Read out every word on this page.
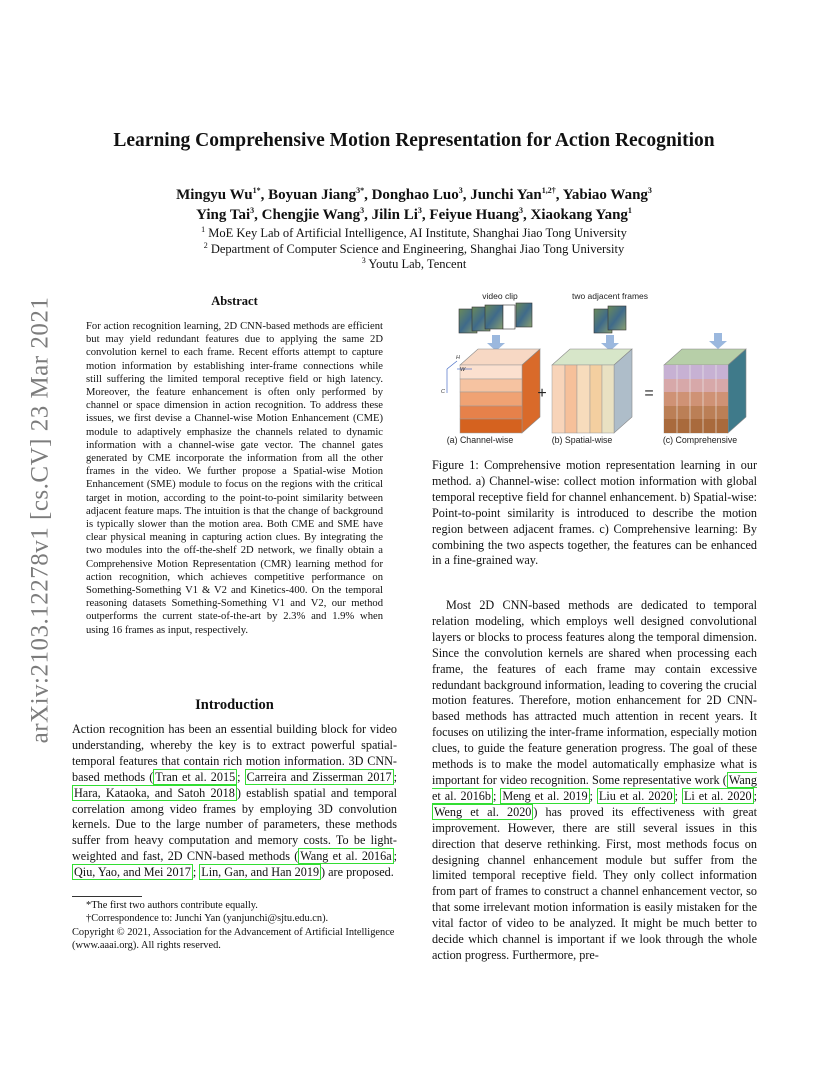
arXiv:2103.12278v1 [cs.CV] 23 Mar 2021
Learning Comprehensive Motion Representation for Action Recognition
Mingyu $Wu^{1*}$, Boyuan Jiang$^{3*}$, Donghao Luo$^3$, Junchi Yan$^{1,2\dagger}$, Yabiao Wang$^3$
Ying Tai$^3$, Chengjie Wang$^3$, Jilin Li$^3$, Feiyue Huang$^3$, Xiaokang Yang$^1$
$^1$ MoE Key Lab of Artificial Intelligence, AI Institute, Shanghai Jiao Tong University
$^2$ Department of Computer Science and Engineering, Shanghai Jiao Tong University
$^3$ Youtu Lab, Tencent
Abstract
For action recognition learning, 2D CNN-based methods are efficient but may yield redundant features due to applying the same 2D convolution kernel to each frame. Recent efforts attempt to capture motion information by establishing inter-frame connections while still suffering the limited temporal receptive field or high latency. Moreover, the feature enhancement is often only performed by channel or space dimension in action recognition. To address these issues, we first devise a Channel-wise Motion Enhancement (CME) module to adaptively emphasize the channels related to dynamic information with a channel-wise gate vector. The channel gates generated by CME incorporate the information from all the other frames in the video. We further propose a Spatial-wise Motion Enhancement (SME) module to focus on the regions with the critical target in motion, according to the point-to-point similarity between adjacent feature maps. The intuition is that the change of background is typically slower than the motion area. Both CME and SME have clear physical meaning in capturing action clues. By integrating the two modules into the off-the-shelf 2D network, we finally obtain a Comprehensive Motion Representation (CMR) learning method for action recognition, which achieves competitive performance on Something-Something V1 & V2 and Kinetics-400. On the temporal reasoning datasets Something-Something V1 and V2, our method outperforms the current state-of-the-art by 2.3% and 1.9% when using 16 frames as input, respectively.
Introduction
Action recognition has been an essential building block for video understanding, whereby the key is to extract powerful spatial-temporal features that contain rich motion information. 3D CNN-based methods ( Tran et al. 2015 ; Carreira and Zisserman 2017 ; Hara, Kataoka, and Satoh 2018 ) establish spatial and temporal correlation among video frames by employing 3D convolution kernels. Due to the large number of parameters, these methods suffer from heavy computation and memory costs. To be light-weighted and fast, 2D CNN-based methods ( Wang et al. 2016a ; Qiu, Yao, and Mei 2017 ; Lin, Gan, and Han 2019 ) are proposed.
*The first two authors contribute equally.
†Correspondence to: Junchi Yan (yanjunchi@sjtu.edu.cn).
Copyright © 2021, Association for the Advancement of Artificial Intelligence (www.aaai.org). All rights reserved.
video clip	two adjacent frames
H
W
C	+	=
(a) Channel-wise	(b) Spatial-wise	(c) Comprehensive
Figure 1: Comprehensive motion representation learning in our method. a) Channel-wise: collect motion information with global temporal receptive field for channel enhancement. b) Spatial-wise: Point-to-point similarity is introduced to describe the motion region between adjacent frames. c) Comprehensive learning: By combining the two aspects together, the features can be enhanced in a fine-grained way.
Most 2D CNN-based methods are dedicated to temporal relation modeling, which employs well designed convolutional layers or blocks to process features along the temporal dimension. Since the convolution kernels are shared when processing each frame, the features of each frame may contain excessive redundant background information, leading to covering the crucial motion features. Therefore, motion enhancement for 2D CNN-based methods has attracted much attention in recent years. It focuses on utilizing the inter-frame information, especially motion clues, to guide the feature generation progress. The goal of these methods is to make the model automatically emphasize what is important for video recognition. Some representative work ( Wang et al. 2016b ; Meng et al. 2019 ; Liu et al. 2020 ; Li et al. 2020 ; Weng et al. 2020 ) has proved its effectiveness with great improvement. However, there are still several issues in this direction that deserve rethinking. First, most methods focus on designing channel enhancement module but suffer from the limited temporal receptive field. They only collect information from part of frames to construct a channel enhancement vector, so that some irrelevant motion information is easily mistaken for the vital factor of video to be analyzed. It might be much better to decide which channel is important if we look through the whole action progress. Furthermore, pre-
